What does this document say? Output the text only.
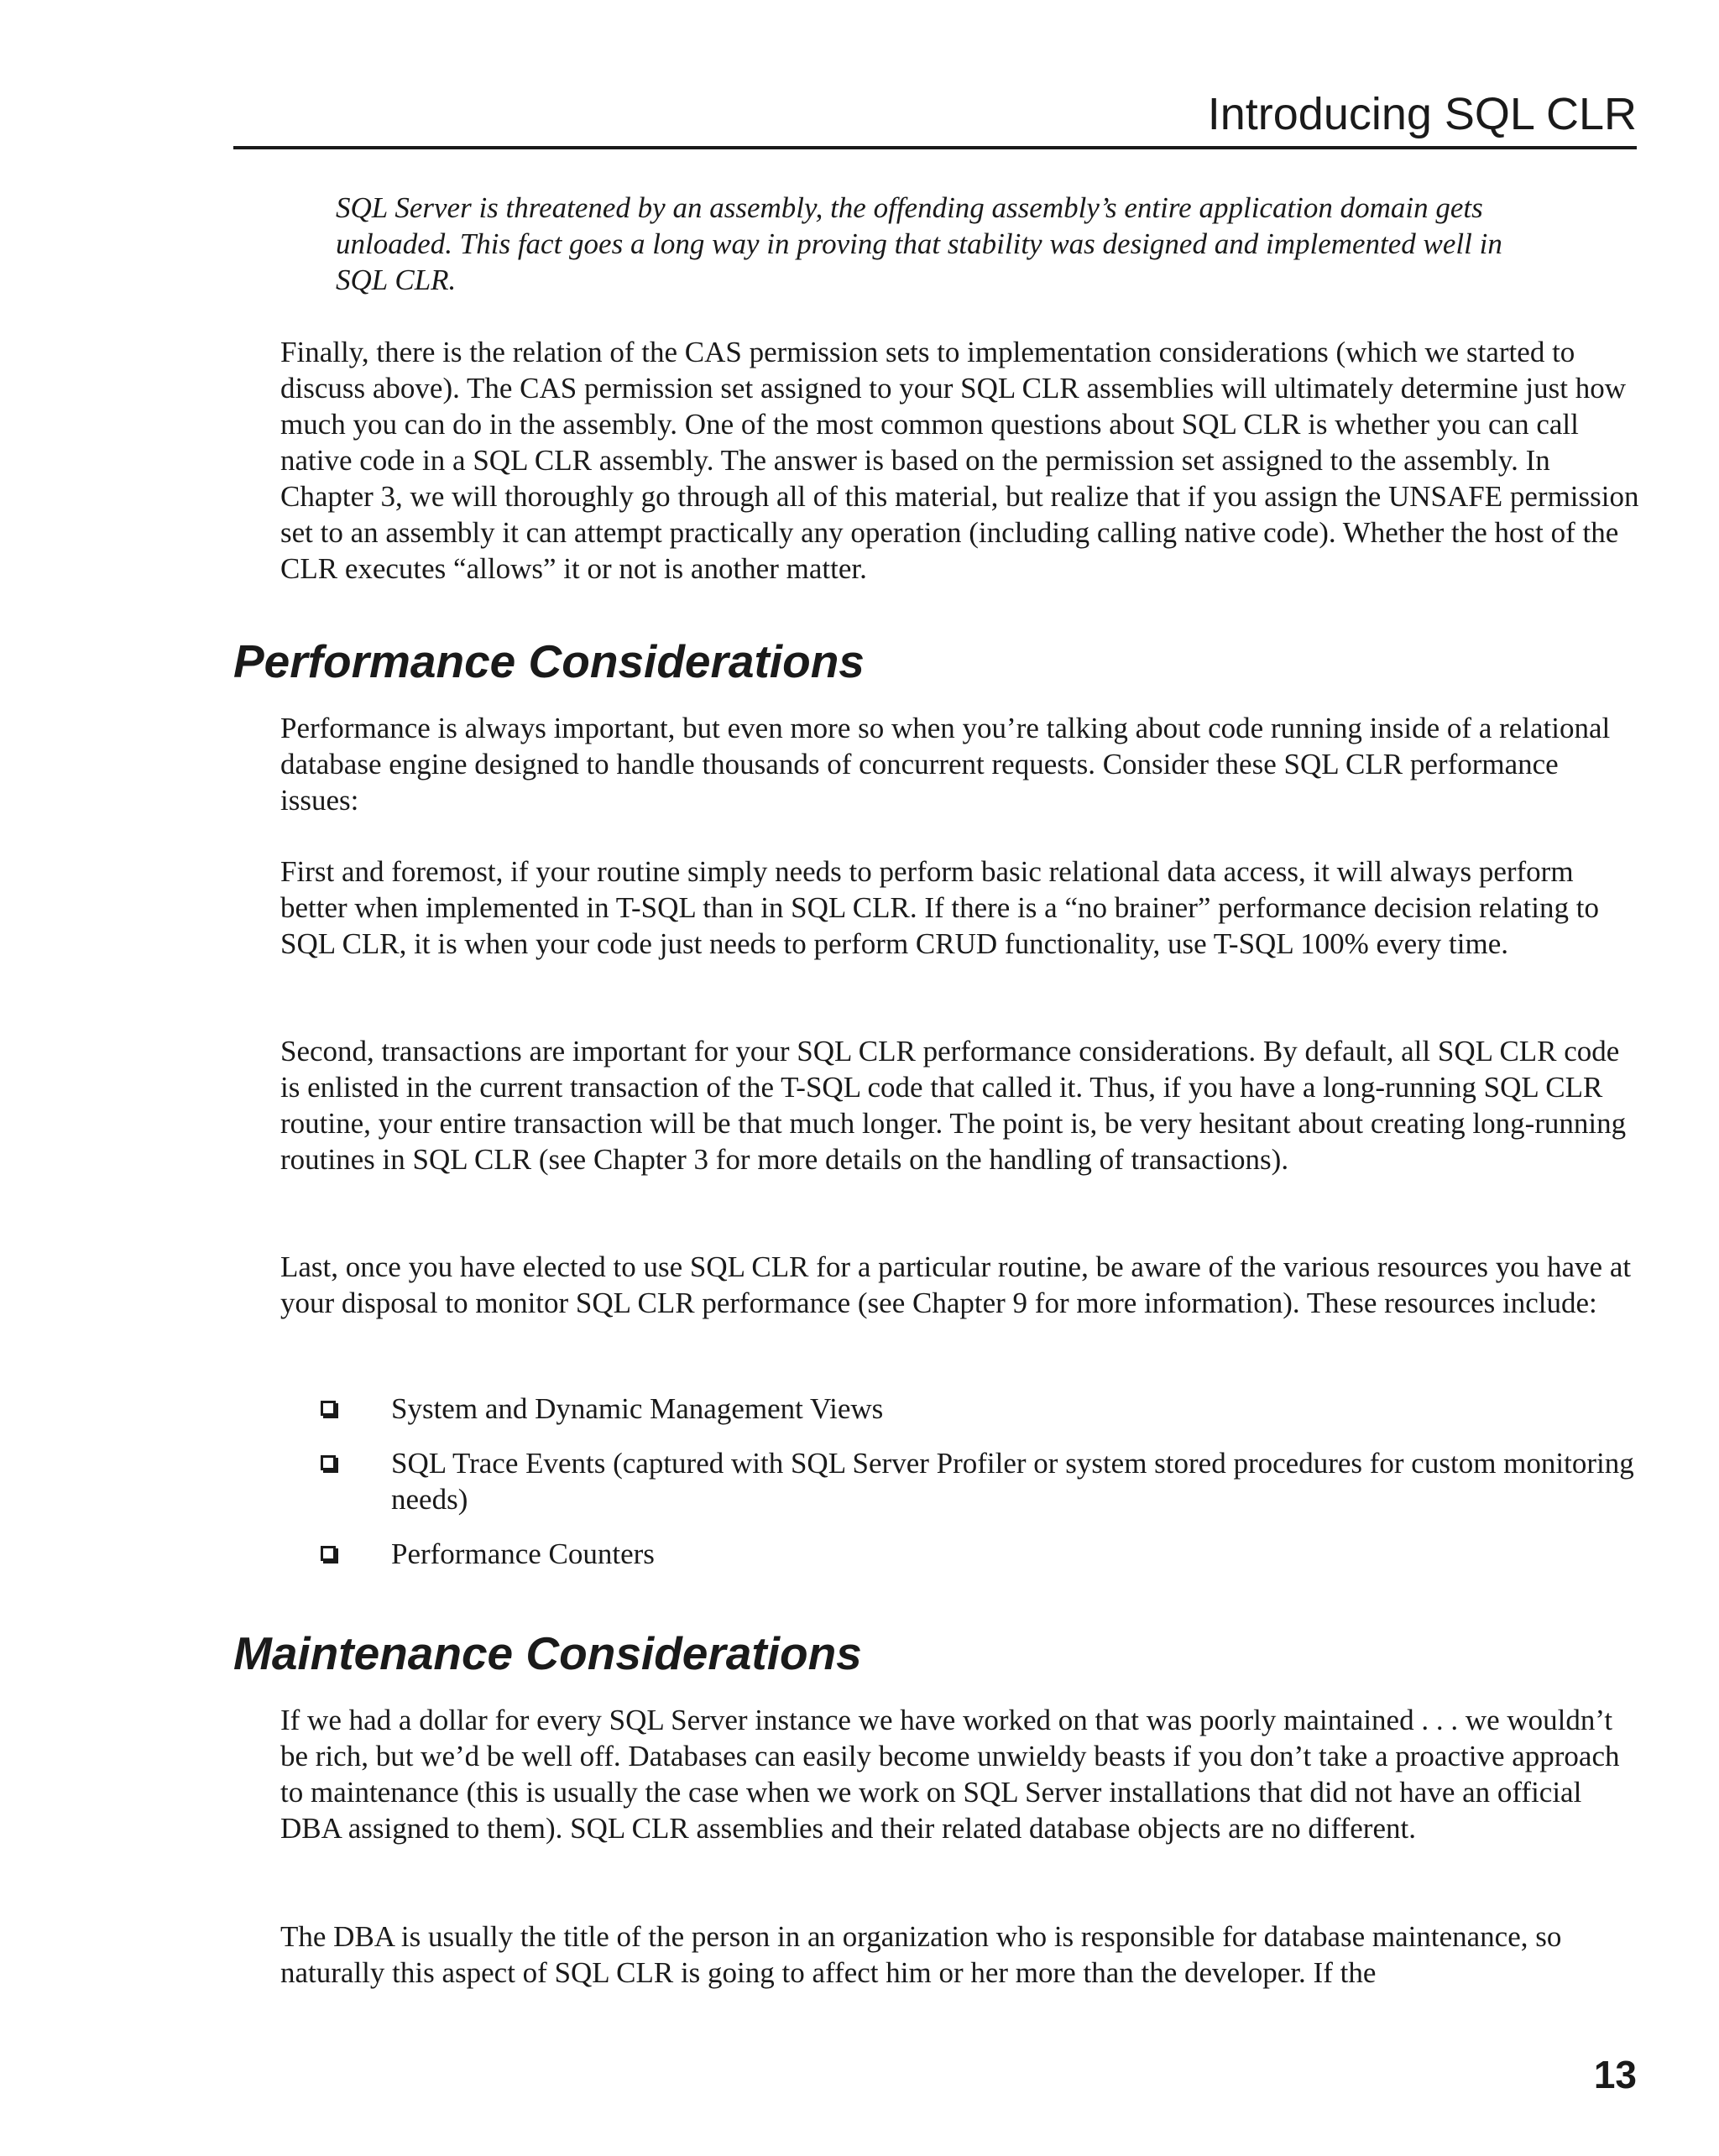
Introducing SQL CLR

SQL Server is threatened by an assembly, the offending assembly’s entire application domain gets unloaded. This fact goes a long way in proving that stability was designed and implemented well in SQL CLR.

Finally, there is the relation of the CAS permission sets to implementation considerations (which we started to discuss above). The CAS permission set assigned to your SQL CLR assemblies will ultimately determine just how much you can do in the assembly. One of the most common questions about SQL CLR is whether you can call native code in a SQL CLR assembly. The answer is based on the permission set assigned to the assembly. In Chapter 3, we will thoroughly go through all of this material, but realize that if you assign the UNSAFE permission set to an assembly it can attempt practically any operation (including calling native code). Whether the host of the CLR executes “allows” it or not is another matter.

Performance Considerations

Performance is always important, but even more so when you’re talking about code running inside of a relational database engine designed to handle thousands of concurrent requests. Consider these SQL CLR performance issues:

First and foremost, if your routine simply needs to perform basic relational data access, it will always perform better when implemented in T-SQL than in SQL CLR. If there is a “no brainer” performance decision relating to SQL CLR, it is when your code just needs to perform CRUD functionality, use T-SQL 100% every time.

Second, transactions are important for your SQL CLR performance considerations. By default, all SQL CLR code is enlisted in the current transaction of the T-SQL code that called it. Thus, if you have a long-running SQL CLR routine, your entire transaction will be that much longer. The point is, be very hesitant about creating long-running routines in SQL CLR (see Chapter 3 for more details on the handling of transactions).

Last, once you have elected to use SQL CLR for a particular routine, be aware of the various resources you have at your disposal to monitor SQL CLR performance (see Chapter 9 for more information). These resources include:

System and Dynamic Management Views
SQL Trace Events (captured with SQL Server Profiler or system stored procedures for custom monitoring needs)
Performance Counters
Maintenance Considerations

If we had a dollar for every SQL Server instance we have worked on that was poorly maintained . . . we wouldn’t be rich, but we’d be well off. Databases can easily become unwieldy beasts if you don’t take a proactive approach to maintenance (this is usually the case when we work on SQL Server installations that did not have an official DBA assigned to them). SQL CLR assemblies and their related database objects are no different.

The DBA is usually the title of the person in an organization who is responsible for database maintenance, so naturally this aspect of SQL CLR is going to affect him or her more than the developer. If the

13
